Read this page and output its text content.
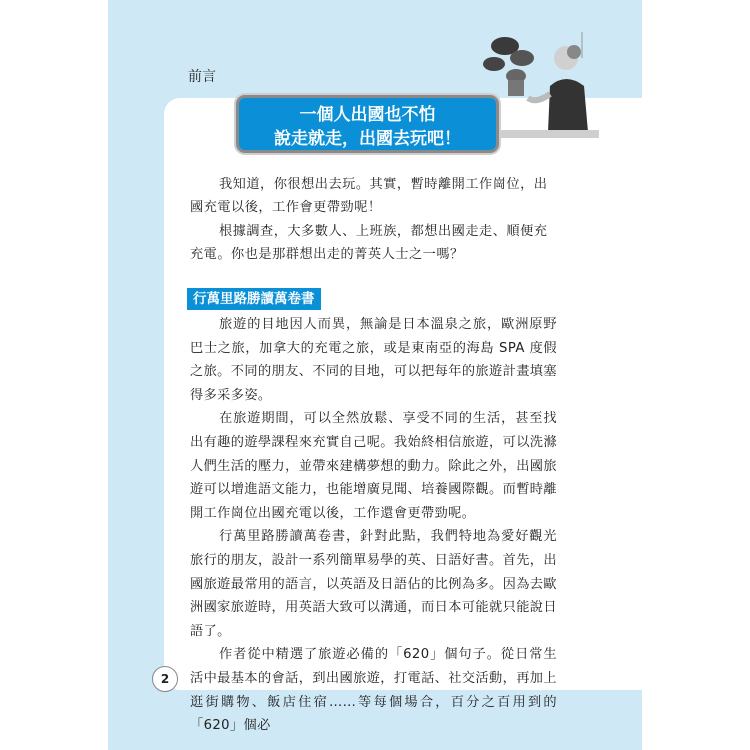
前言
一個人出國也不怕
說走就走，出國去玩吧！

我知道，你很想出去玩。其實，暫時離開工作崗位，出國充電以後，工作會更帶勁呢！

根據調查，大多數人、上班族，都想出國走走、順便充充電。你也是那群想出走的菁英人士之一嗎？

行萬里路勝讀萬卷書

旅遊的目地因人而異，無論是日本溫泉之旅，歐洲原野巴士之旅，加拿大的充電之旅，或是東南亞的海島 SPA 度假之旅。不同的朋友、不同的目地，可以把每年的旅遊計畫填塞得多采多姿。

在旅遊期間，可以全然放鬆、享受不同的生活，甚至找出有趣的遊學課程來充實自己呢。我始終相信旅遊，可以洗滌人們生活的壓力，並帶來建構夢想的動力。除此之外，出國旅遊可以增進語文能力，也能增廣見聞、培養國際觀。而暫時離開工作崗位出國充電以後，工作還會更帶勁呢。

行萬里路勝讀萬卷書，針對此點，我們特地為愛好觀光旅行的朋友，設計一系列簡單易學的英、日語好書。首先，出國旅遊最常用的語言，以英語及日語佔的比例為多。因為去歐洲國家旅遊時，用英語大致可以溝通，而日本可能就只能說日語了。

作者從中精選了旅遊必備的「620」個句子。從日常生活中最基本的會話，到出國旅遊，打電話、社交活動，再加上逛街購物、飯店住宿……等每個場合，百分之百用到的「620」個必

2
